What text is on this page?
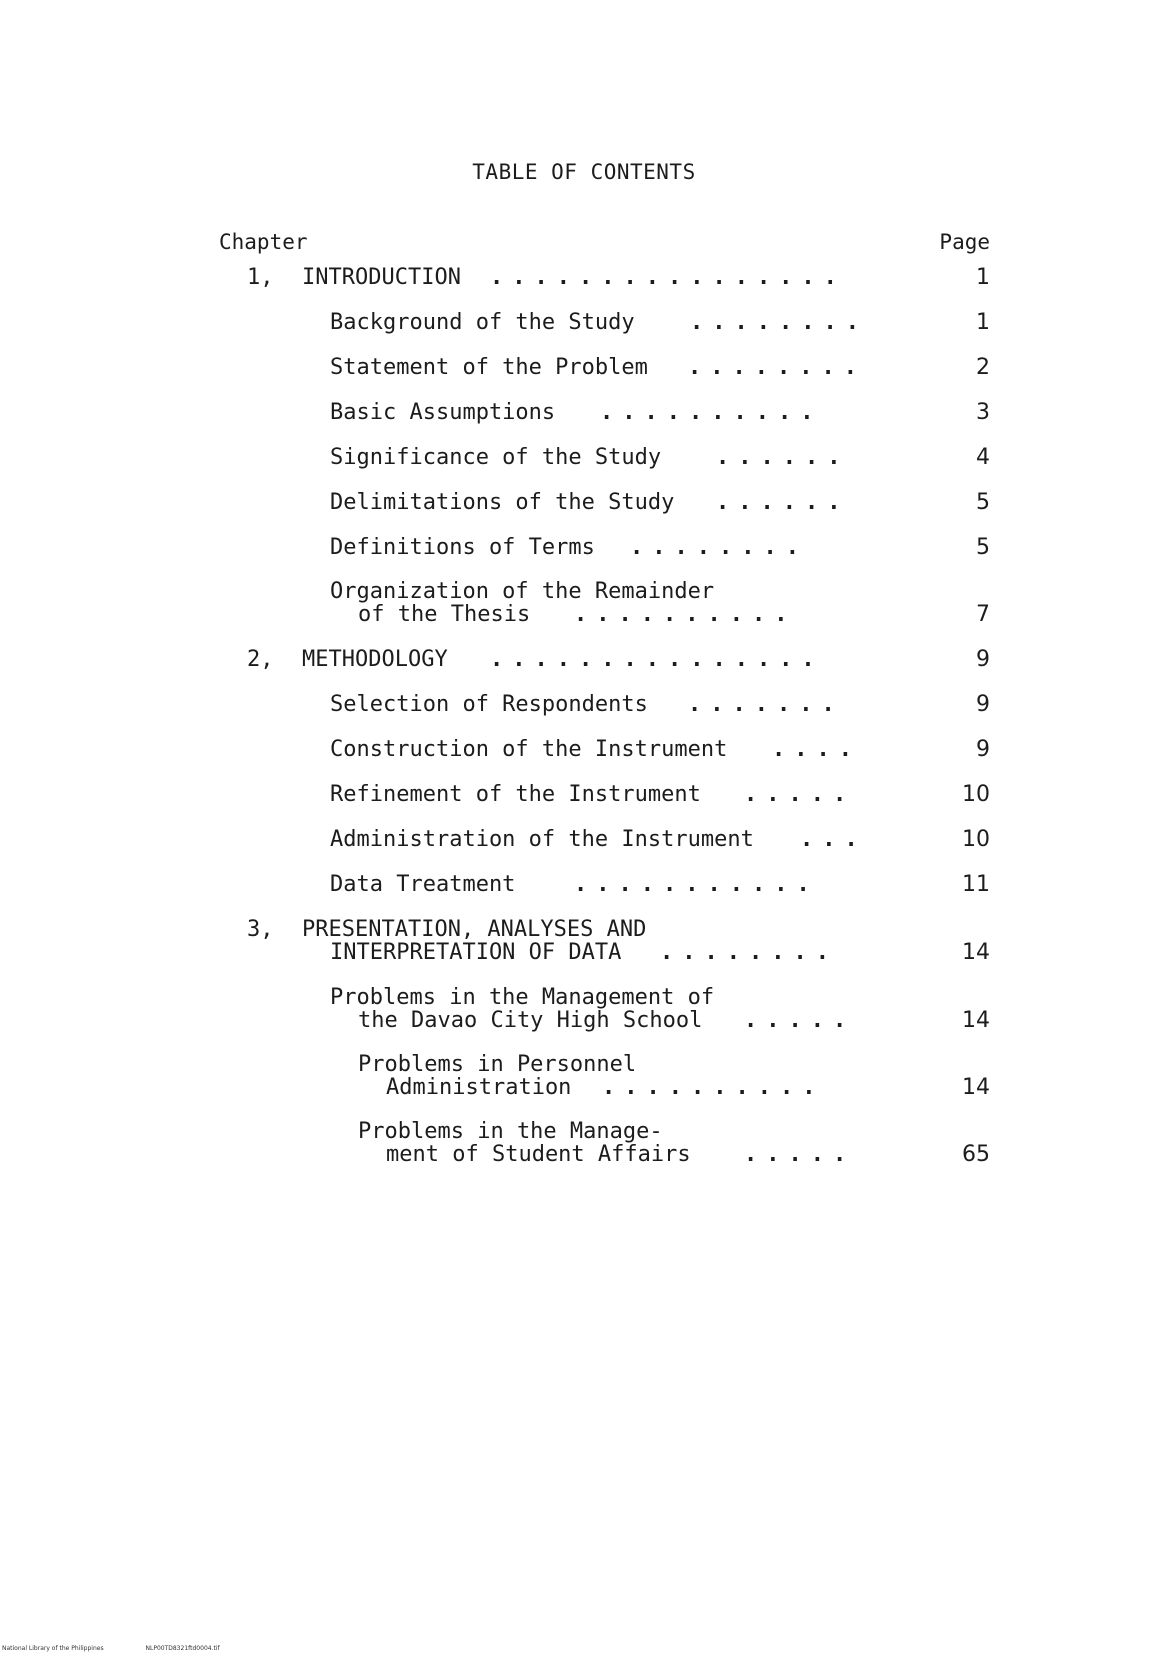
TABLE OF CONTENTS
Chapter	Page
1, INTRODUCTION ................	1
Background of the Study	........	1
Statement of the Problem ........	2
Basic Assumptions ..........	3
Significance of the Study ......	4
Delimitations of the Study ......	5
Definitions of Terms ........	5
Organization of the Remainder
of the Thesis ..........	7
2, METHODOLOGY ...............	9
Selection of Respondents .......	9
Construction of the Instrument ....	9
Refinement of the Instrument .....	10
Administration of the Instrument ...	10
Data Treatment	...........	11
3, PRESENTATION, ANALYSES AND
INTERPRETATION OF DATA ........	14
Problems in the Management of
the Davao City High School .....	14
Problems in Personnel
Administration ..........	14
Problems in the Manage-
ment of Student Affairs .....	65
National Library of the Philippines	NLP00TD8321ftd0004.tif
